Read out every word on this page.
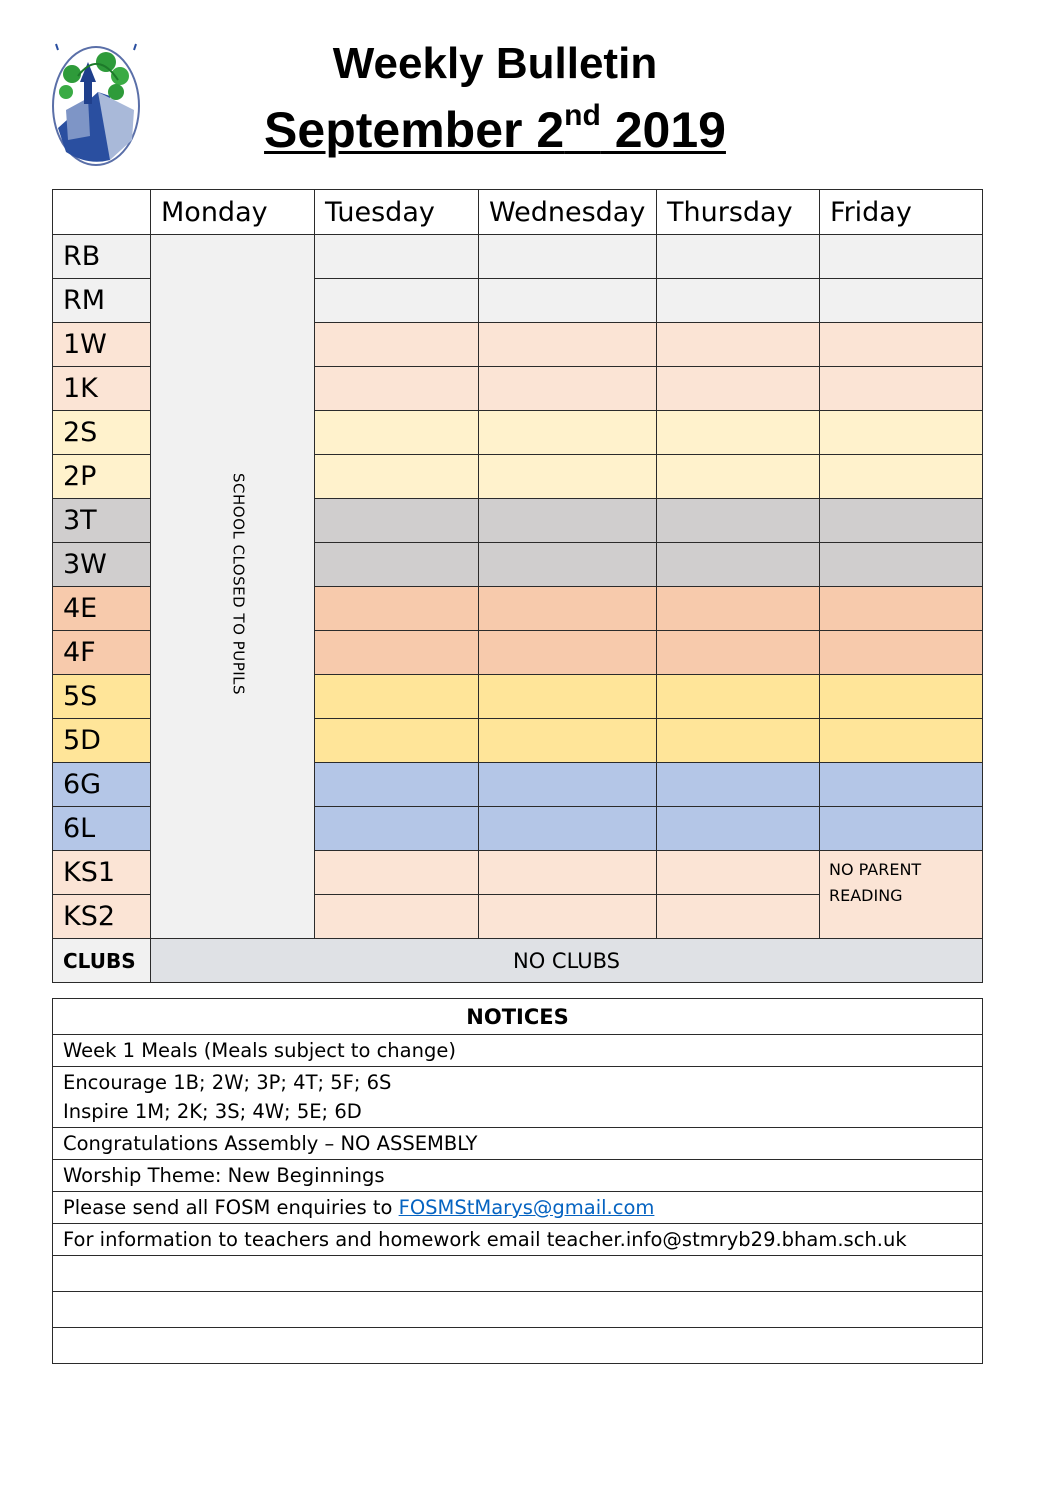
Weekly Bulletin
September 2nd 2019
	Monday	Tuesday	Wednesday	Thursday	Friday
RB	SCHOOL CLOSED TO PUPILS				
RM					
1W					
1K					
2S					
2P					
3T					
3W					
4E					
4F					
5S					
5D					
6G					
6L					
KS1					NO PARENT READING
KS2					
CLUBS	NO CLUBS				
NOTICES
Week 1 Meals (Meals subject to change)

Encourage 1B; 2W; 3P; 4T; 5F; 6S
Inspire 1M; 2K; 3S; 4W; 5E; 6D

Congratulations Assembly – NO ASSEMBLY
Worship Theme: New Beginnings
Please send all FOSM enquiries to FOSMStMarys@gmail.com
For information to teachers and homework email teacher.info@stmryb29.bham.sch.uk
